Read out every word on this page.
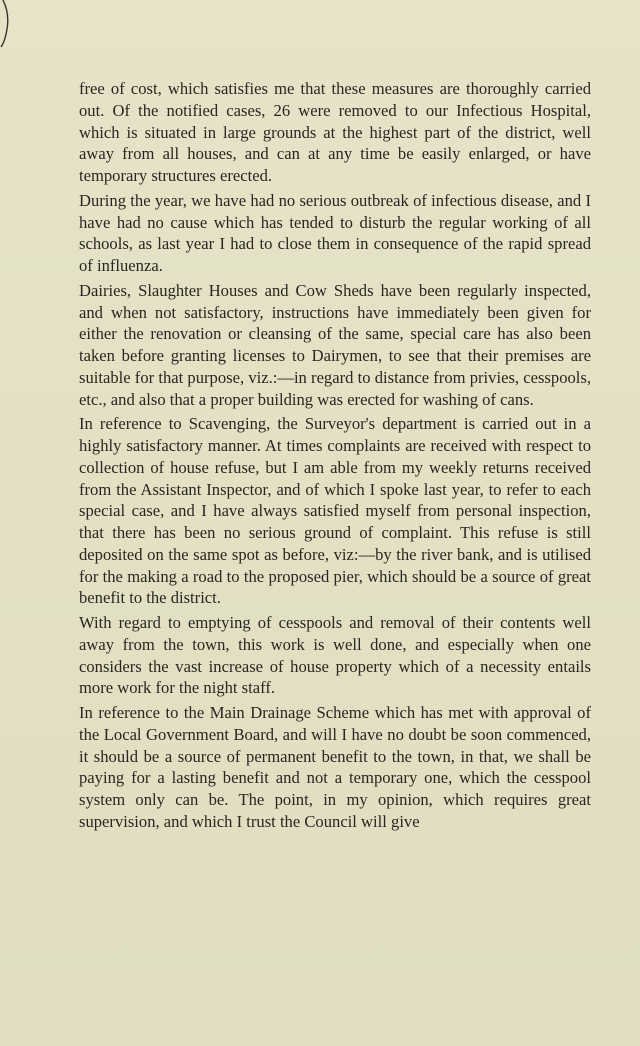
free of cost, which satisfies me that these measures are thoroughly carried out. Of the notified cases, 26 were removed to our Infectious Hospital, which is situated in large grounds at the highest part of the district, well away from all houses, and can at any time be easily enlarged, or have temporary structures erected.

During the year, we have had no serious outbreak of infectious disease, and I have had no cause which has tended to disturb the regular working of all schools, as last year I had to close them in consequence of the rapid spread of influenza.

Dairies, Slaughter Houses and Cow Sheds have been regularly inspected, and when not satisfactory, instructions have immediately been given for either the renovation or cleansing of the same, special care has also been taken before granting licenses to Dairymen, to see that their premises are suitable for that purpose, viz.:—in regard to distance from privies, cesspools, etc., and also that a proper building was erected for washing of cans.

In reference to Scavenging, the Surveyor's department is carried out in a highly satisfactory manner. At times complaints are received with respect to collection of house refuse, but I am able from my weekly returns received from the Assistant Inspector, and of which I spoke last year, to refer to each special case, and I have always satisfied myself from personal inspection, that there has been no serious ground of complaint. This refuse is still deposited on the same spot as before, viz:—by the river bank, and is utilised for the making a road to the proposed pier, which should be a source of great benefit to the district.

With regard to emptying of cesspools and removal of their contents well away from the town, this work is well done, and especially when one considers the vast increase of house property which of a necessity entails more work for the night staff.

In reference to the Main Drainage Scheme which has met with approval of the Local Government Board, and will I have no doubt be soon commenced, it should be a source of permanent benefit to the town, in that, we shall be paying for a lasting benefit and not a temporary one, which the cesspool system only can be. The point, in my opinion, which requires great supervision, and which I trust the Council will give
